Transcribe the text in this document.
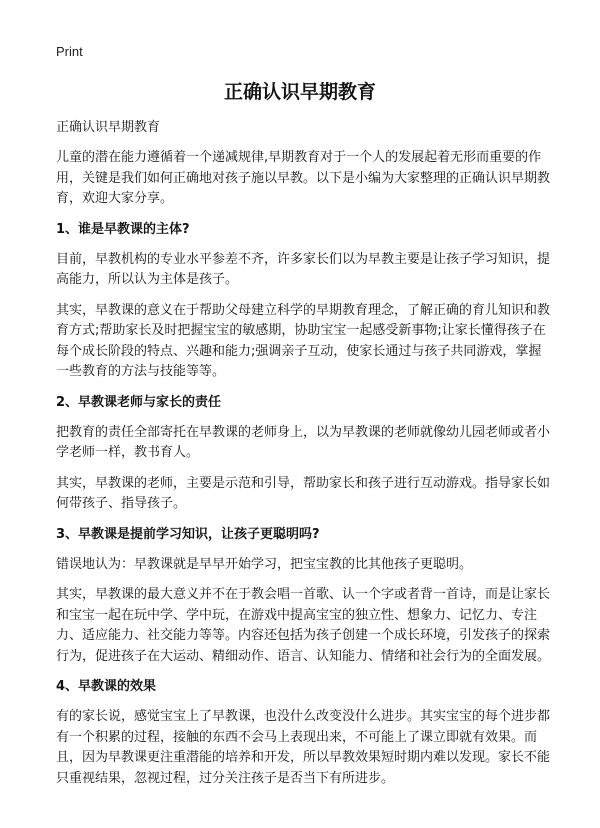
Print
正确认识早期教育
正确认识早期教育

儿童的潜在能力遵循着一个递减规律,早期教育对于一个人的发展起着无形而重要的作用，关键是我们如何正确地对孩子施以早教。以下是小编为大家整理的正确认识早期教育，欢迎大家分享。

1、谁是早教课的主体?

目前，早教机构的专业水平参差不齐，许多家长们以为早教主要是让孩子学习知识，提高能力，所以认为主体是孩子。

其实，早教课的意义在于帮助父母建立科学的早期教育理念，了解正确的育儿知识和教育方式;帮助家长及时把握宝宝的敏感期，协助宝宝一起感受新事物;让家长懂得孩子在每个成长阶段的特点、兴趣和能力;强调亲子互动，使家长通过与孩子共同游戏，掌握一些教育的方法与技能等等。

2、早教课老师与家长的责任

把教育的责任全部寄托在早教课的老师身上，以为早教课的老师就像幼儿园老师或者小学老师一样，教书育人。

其实，早教课的老师，主要是示范和引导，帮助家长和孩子进行互动游戏。指导家长如何带孩子、指导孩子。

3、早教课是提前学习知识，让孩子更聪明吗?

错误地认为：早教课就是早早开始学习，把宝宝教的比其他孩子更聪明。

其实，早教课的最大意义并不在于教会唱一首歌、认一个字或者背一首诗，而是让家长和宝宝一起在玩中学、学中玩，在游戏中提高宝宝的独立性、想象力、记忆力、专注力、适应能力、社交能力等等。内容还包括为孩子创建一个成长环境，引发孩子的探索行为，促进孩子在大运动、精细动作、语言、认知能力、情绪和社会行为的全面发展。

4、早教课的效果

有的家长说，感觉宝宝上了早教课，也没什么改变没什么进步。其实宝宝的每个进步都有一个积累的过程，接触的东西不会马上表现出来，不可能上了课立即就有效果。而且，因为早教课更注重潜能的培养和开发，所以早教效果短时期内难以发现。家长不能只重视结果，忽视过程，过分关注孩子是否当下有所进步。
